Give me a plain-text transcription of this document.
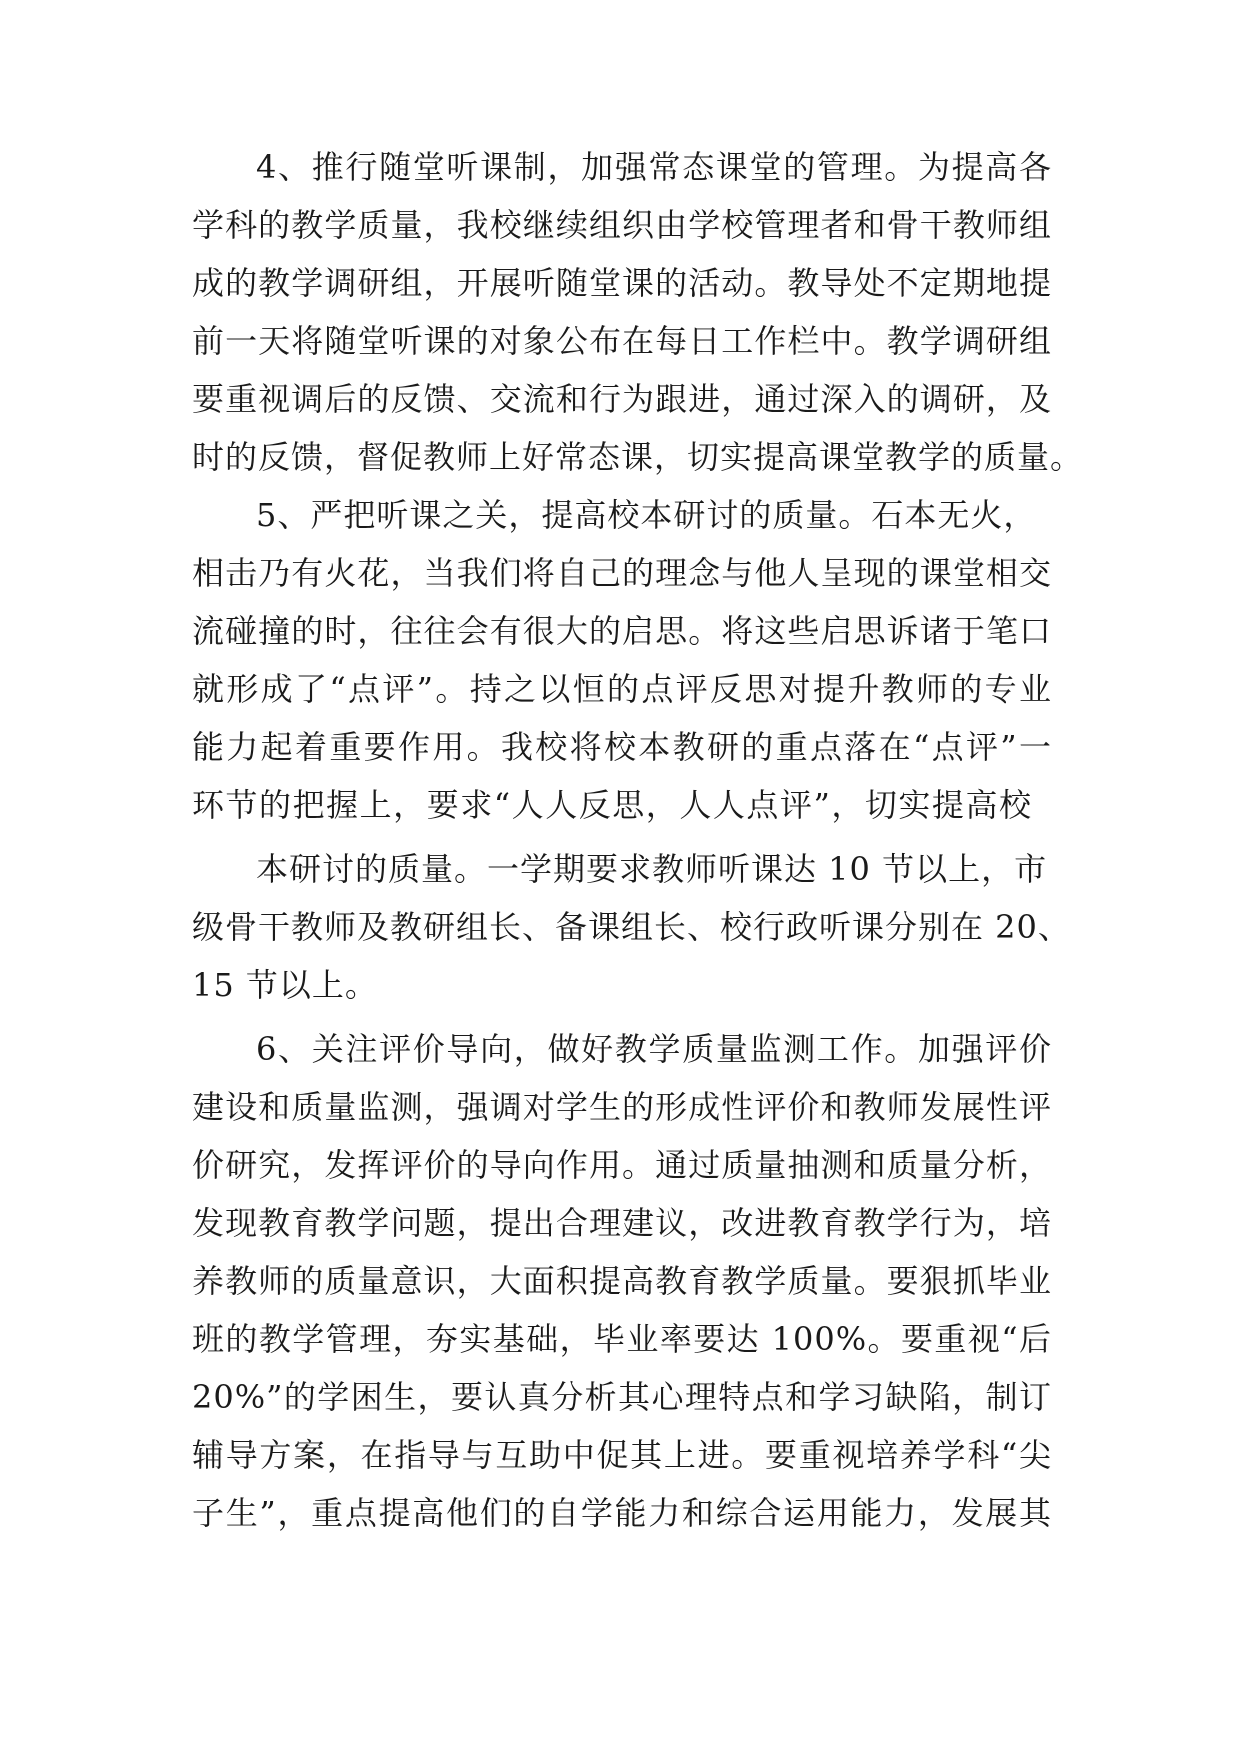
4、推行随堂听课制，加强常态课堂的管理。为提高各
学科的教学质量，我校继续组织由学校管理者和骨干教师组
成的教学调研组，开展听随堂课的活动。教导处不定期地提
前一天将随堂听课的对象公布在每日工作栏中。教学调研组
要重视调后的反馈、交流和行为跟进，通过深入的调研，及
时的反馈，督促教师上好常态课，切实提高课堂教学的质量。
5、严把听课之关，提高校本研讨的质量。石本无火，
相击乃有火花，当我们将自己的理念与他人呈现的课堂相交
流碰撞的时，往往会有很大的启思。将这些启思诉诸于笔口
就形成了“点评”。持之以恒的点评反思对提升教师的专业
能力起着重要作用。我校将校本教研的重点落在“点评”一
环节的把握上，要求“人人反思，人人点评”，切实提高校
本研讨的质量。一学期要求教师听课达 10 节以上，市
级骨干教师及教研组长、备课组长、校行政听课分别在 20、
15 节以上。
6、关注评价导向，做好教学质量监测工作。加强评价
建设和质量监测，强调对学生的形成性评价和教师发展性评
价研究，发挥评价的导向作用。通过质量抽测和质量分析，
发现教育教学问题，提出合理建议，改进教育教学行为，培
养教师的质量意识，大面积提高教育教学质量。要狠抓毕业
班的教学管理，夯实基础，毕业率要达 100%。要重视“后
20%”的学困生，要认真分析其心理特点和学习缺陷，制订
辅导方案，在指导与互助中促其上进。要重视培养学科“尖
子生”，重点提高他们的自学能力和综合运用能力，发展其
